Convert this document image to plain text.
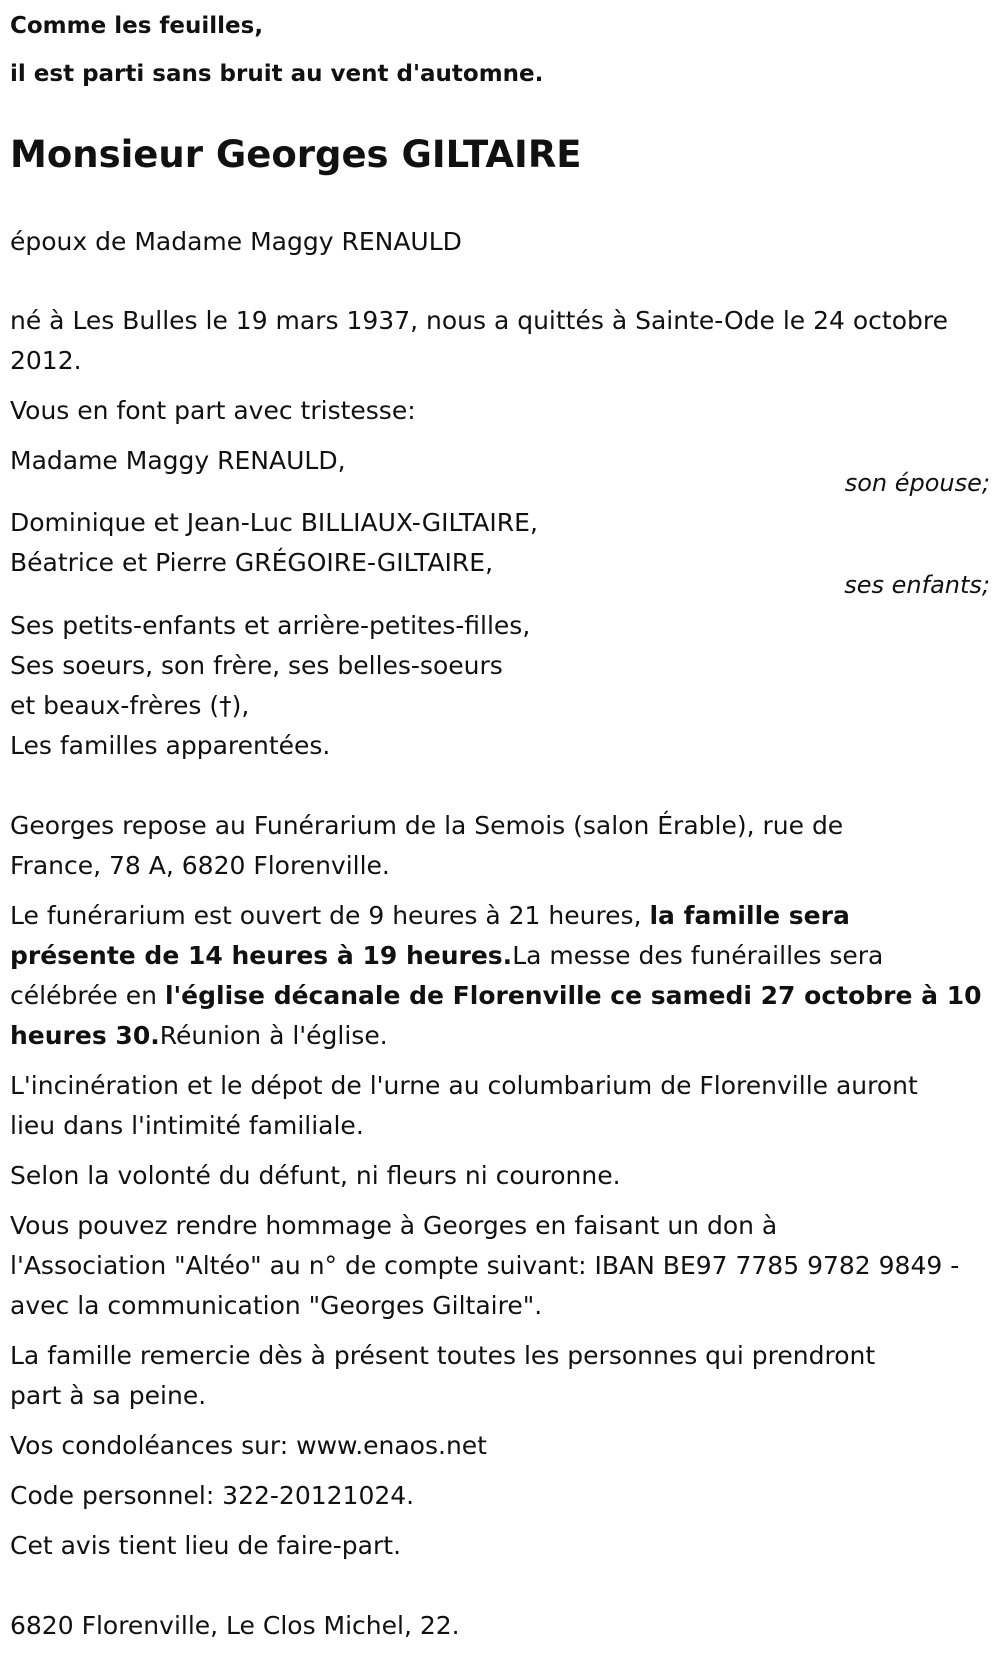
Comme les feuilles,

il est parti sans bruit au vent d'automne.

Monsieur Georges GILTAIRE

époux de Madame Maggy RENAULD

né à Les Bulles le 19 mars 1937, nous a quittés à Sainte-Ode le 24 octobre

2012.

Vous en font part avec tristesse:

Madame Maggy RENAULD,

son épouse;

Dominique et Jean-Luc BILLIAUX-GILTAIRE,

Béatrice et Pierre GRÉGOIRE-GILTAIRE,

ses enfants;

Ses petits-enfants et arrière-petites-filles,

Ses soeurs, son frère, ses belles-soeurs

et beaux-frères (†),

Les familles apparentées.

Georges repose au Funérarium de la Semois (salon Érable), rue de

France, 78 A, 6820 Florenville.

Le funérarium est ouvert de 9 heures à 21 heures, la famille sera

présente de 14 heures à 19 heures.La messe des funérailles sera

célébrée en l'église décanale de Florenville ce samedi 27 octobre à 10

heures 30.Réunion à l'église.

L'incinération et le dépot de l'urne au columbarium de Florenville auront

lieu dans l'intimité familiale.

Selon la volonté du défunt, ni fleurs ni couronne.

Vous pouvez rendre hommage à Georges en faisant un don à

l'Association "Altéo" au n° de compte suivant: IBAN BE97 7785 9782 9849 -

avec la communication "Georges Giltaire".

La famille remercie dès à présent toutes les personnes qui prendront

part à sa peine.

Vos condoléances sur: www.enaos.net

Code personnel: 322-20121024.

Cet avis tient lieu de faire-part.

6820 Florenville, Le Clos Michel, 22.
